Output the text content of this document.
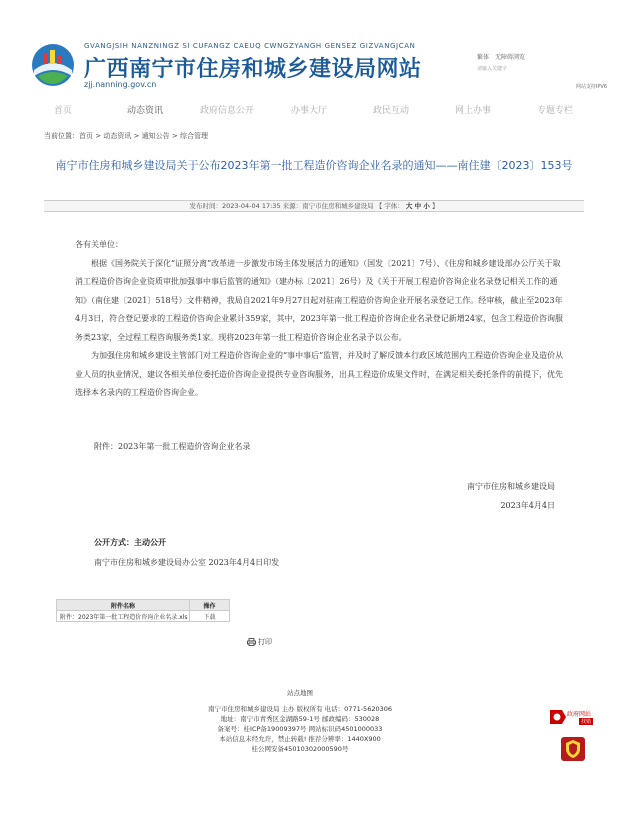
GVANGJSIH NANZNINGZ SI CUFANGZ CAEUQ CWNGZYANGH GENSEZ GIZVANGJCAN
广西南宁市住房和城乡建设局网站
zjj.nanning.gov.cn
繁体 无障碍浏览
请输入关键字
网站支持IPV6
首页	动态资讯	政府信息公开	办事大厅	政民互动	网上办事	专题专栏
当前位置：首页 > 动态资讯 > 通知公告 > 综合管理
南宁市住房和城乡建设局关于公布2023年第一批工程造价咨询企业名录的通知——南住建〔2023〕153号
发布时间：2023-04-04 17:35 来源：南宁市住房和城乡建设局 【 字体： 大 中 小 】

各有关单位：

根据《国务院关于深化“证照分离”改革进一步激发市场主体发展活力的通知》（国发〔2021〕7号）、《住房和城乡建设部办公厅关于取消工程造价咨询企业资质审批加强事中事后监管的通知》（建办标〔2021〕26号）及《关于开展工程造价咨询企业名录登记相关工作的通知》（南住建〔2021〕518号）文件精神，我局自2021年9月27日起对驻南工程造价咨询企业开展名录登记工作。经审核，截止至2023年4月3日，符合登记要求的工程造价咨询企业累计359家，其中，2023年第一批工程造价咨询企业名录登记新增24家，包含工程造价咨询服务类23家，全过程工程咨询服务类1家。现将2023年第一批工程造价咨询企业名录予以公布。

为加强住房和城乡建设主管部门对工程造价咨询企业的“事中事后”监管，并及时了解反馈本行政区域范围内工程造价咨询企业及造价从业人员的执业情况，建议各相关单位委托造价咨询企业提供专业咨询服务，出具工程造价成果文件时，在满足相关委托条件的前提下，优先选择本名录内的工程造价咨询企业。

附件：2023年第一批工程造价咨询企业名录
南宁市住房和城乡建设局
2023年4月4日
公开方式：主动公开
南宁市住房和城乡建设局办公室 2023年4月4日印发
附件名称	操作
附件：2023年第一批工程造价咨询企业名录.xls	下载
打印
站点地图
南宁市住房和城乡建设局 主办 版权所有 电话：0771-5620306
地址：南宁市青秀区金湖路59-1号 邮政编码：530028
备案号：桂ICP备19009397号 网站标识码4501000033
本站信息未经允许，禁止转载! 推荐分辨率：1440X900
桂公网安备45010302000590号
政府网站
找错
